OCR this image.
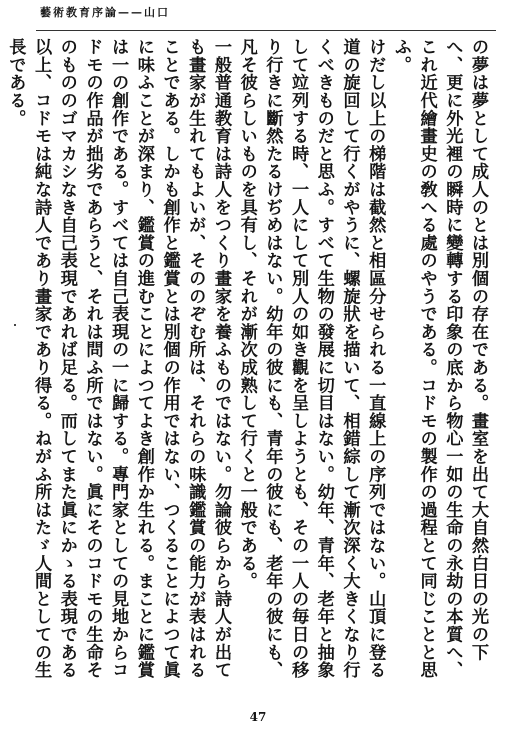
藝術教育序論——山口

の夢は夢として成人のとは別個の存在である。畫室を出て大自然白日の光の下へ、更に外光裡の瞬時に變轉する印象の底から物心一如の生命の永劫の本質へ、これ近代繪畫史の敎へる處のやうである。コドモの製作の過程とて同じことと思ふ。

けだし以上の梯階は截然と相區分せられる一直線上の序列ではない。山頂に登る道の旋回して行くがやうに、螺旋狀を描いて、相錯綜して漸次深く大きくなり行くべきものだと思ふ。すべて生物の發展に切目はない。幼年、青年、老年と抽象して竝列する時、一人にして別人の如き觀を呈しようとも、その一人の毎日の移り行きに斷然たるけぢめはない。幼年の彼にも、青年の彼にも、老年の彼にも、凡そ彼らしいものを具有し、それが漸次成熟して行くと一般である。

一般普通教育は詩人をつくり畫家を養ふものではない。勿論彼らから詩人が出ても畫家が生れてもよいが、そののぞむ所は、それらの味識鑑賞の能力が表はれることである。しかも創作と鑑賞とは別個の作用ではない、つくることによつて眞に味ふことが深まり、鑑賞の進むことによつてよき創作か生れる。まことに鑑賞は一の創作である。すべては自己表現の一に歸する。專門家としての見地からコドモの作品が拙劣であらうと、それは問ふ所ではない。眞にそのコドモの生命そのもののゴマカシなき自己表現であれば足る。而してまた眞にかゝる表現である以上、コドモは純な詩人であり畫家であり得る。ねがふ所はたゞ人間としての生長である。

47
